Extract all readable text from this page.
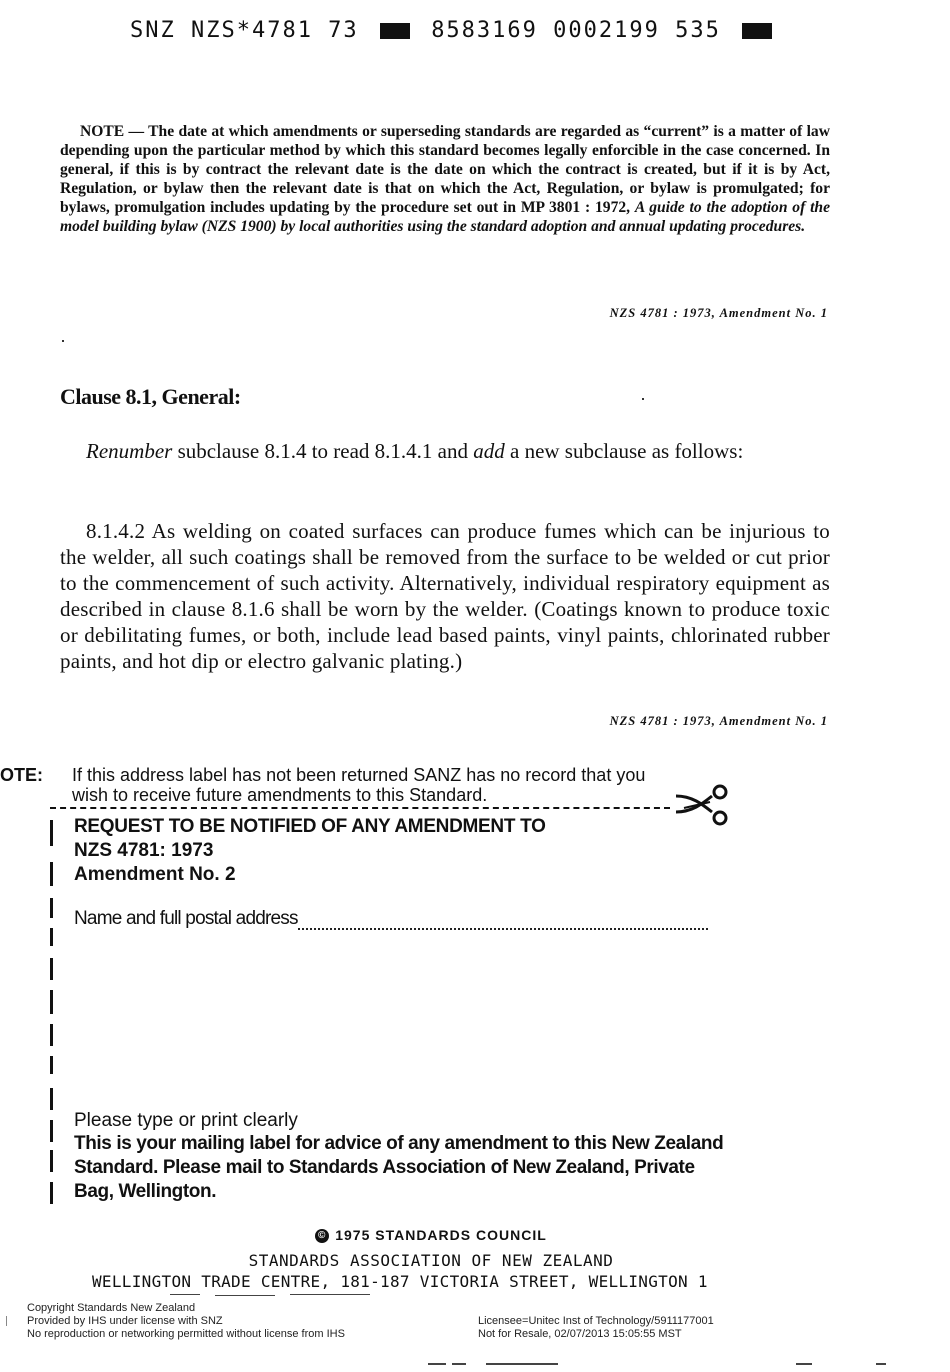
SNZ NZS*4781 73	8583169 0002199 535
NOTE — The date at which amendments or superseding standards are regarded as “current” is a matter of law depending upon the particular method by which this standard becomes legally enforcible in the case concerned. In general, if this is by contract the relevant date is the date on which the contract is created, but if it is by Act, Regulation, or bylaw then the relevant date is that on which the Act, Regulation, or bylaw is promulgated; for bylaws, promulgation includes updating by the procedure set out in MP 3801 : 1972, A guide to the adoption of the model building bylaw (NZS 1900) by local authorities using the standard adoption and annual updating procedures.
NZS 4781 : 1973, Amendment No. 1
Clause 8.1, General:
Renumber subclause 8.1.4 to read 8.1.4.1 and add a new subclause as follows:
8.1.4.2 As welding on coated surfaces can produce fumes which can be injurious to the welder, all such coatings shall be removed from the surface to be welded or cut prior to the commencement of such activity. Alternatively, individual respiratory equipment as described in clause 8.1.6 shall be worn by the welder. (Coatings known to produce toxic or debilitating fumes, or both, include lead based paints, vinyl paints, chlorinated rubber paints, and hot dip or electro galvanic plating.)
NZS 4781 : 1973, Amendment No. 1
OTE: If this address label has not been returned SANZ has no record that you wish to receive future amendments to this Standard.
REQUEST TO BE NOTIFIED OF ANY AMENDMENT TO
NZS 4781: 1973
Amendment No. 2
Name and full postal address
Please type or print clearly
This is your mailing label for advice of any amendment to this New Zealand Standard. Please mail to Standards Association of New Zealand, Private Bag, Wellington.
© 1975 STANDARDS COUNCIL
STANDARDS ASSOCIATION OF NEW ZEALAND
WELLINGTON TRADE CENTRE, 181-187 VICTORIA STREET, WELLINGTON 1
Copyright Standards New Zealand
Provided by IHS under license with SNZ
No reproduction or networking permitted without license from IHS
Licensee=Unitec Inst of Technology/5911177001
Not for Resale, 02/07/2013 15:05:55 MST
